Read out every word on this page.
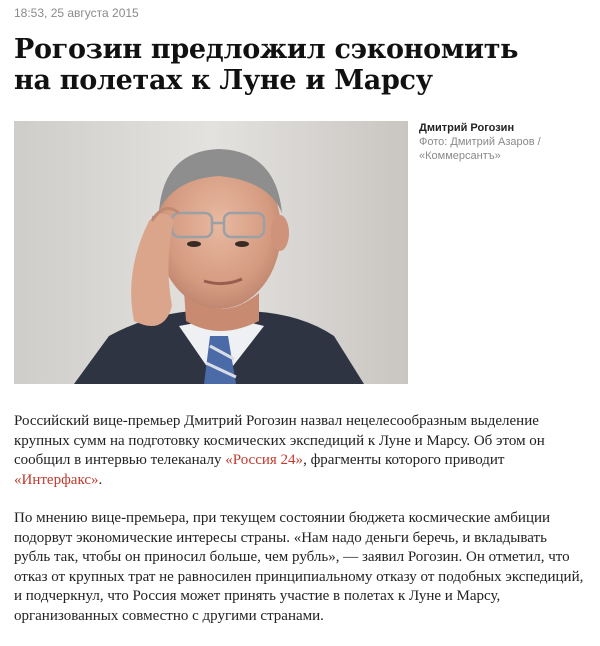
18:53, 25 августа 2015
Рогозин предложил сэкономить
на полетах к Луне и Марсу
Дмитрий Рогозин
Фото: Дмитрий Азаров /
«Коммерсантъ»

Российский вице-премьер Дмитрий Рогозин назвал нецелесообразным выделение крупных сумм на подготовку космических экспедиций к Луне и Марсу. Об этом он сообщил в интервью телеканалу «Россия 24», фрагменты которого приводит «Интерфакс».

По мнению вице-премьера, при текущем состоянии бюджета космические амбиции подорвут экономические интересы страны. «Нам надо деньги беречь, и вкладывать рубль так, чтобы он приносил больше, чем рубль», — заявил Рогозин. Он отметил, что отказ от крупных трат не равносилен принципиальному отказу от подобных экспедиций, и подчеркнул, что Россия может принять участие в полетах к Луне и Марсу, организованных совместно с другими странами.
